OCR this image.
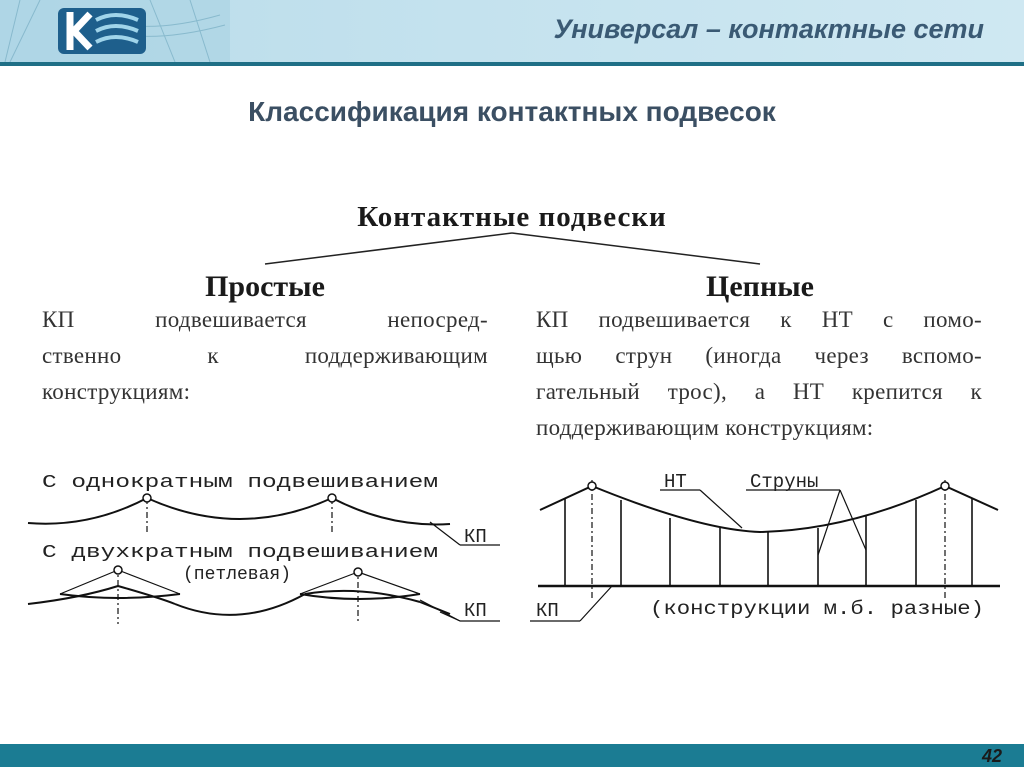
Универсал – контактные сети
Классификация контактных подвесок
Контактные подвески
Простые	Цепные
С однократным подвешиванием
КП
С двухкратным подвешиванием
(петлевая)
КП
НТ	Струны
КП	(конструкции м.б. разные)
КП подвешивается непосред-
ственно к поддерживающим
конструкциям:
КП подвешивается к НТ с помо-
щью струн (иногда через вспомо-
гательный трос), а НТ крепится к
поддерживающим конструкциям:
42
